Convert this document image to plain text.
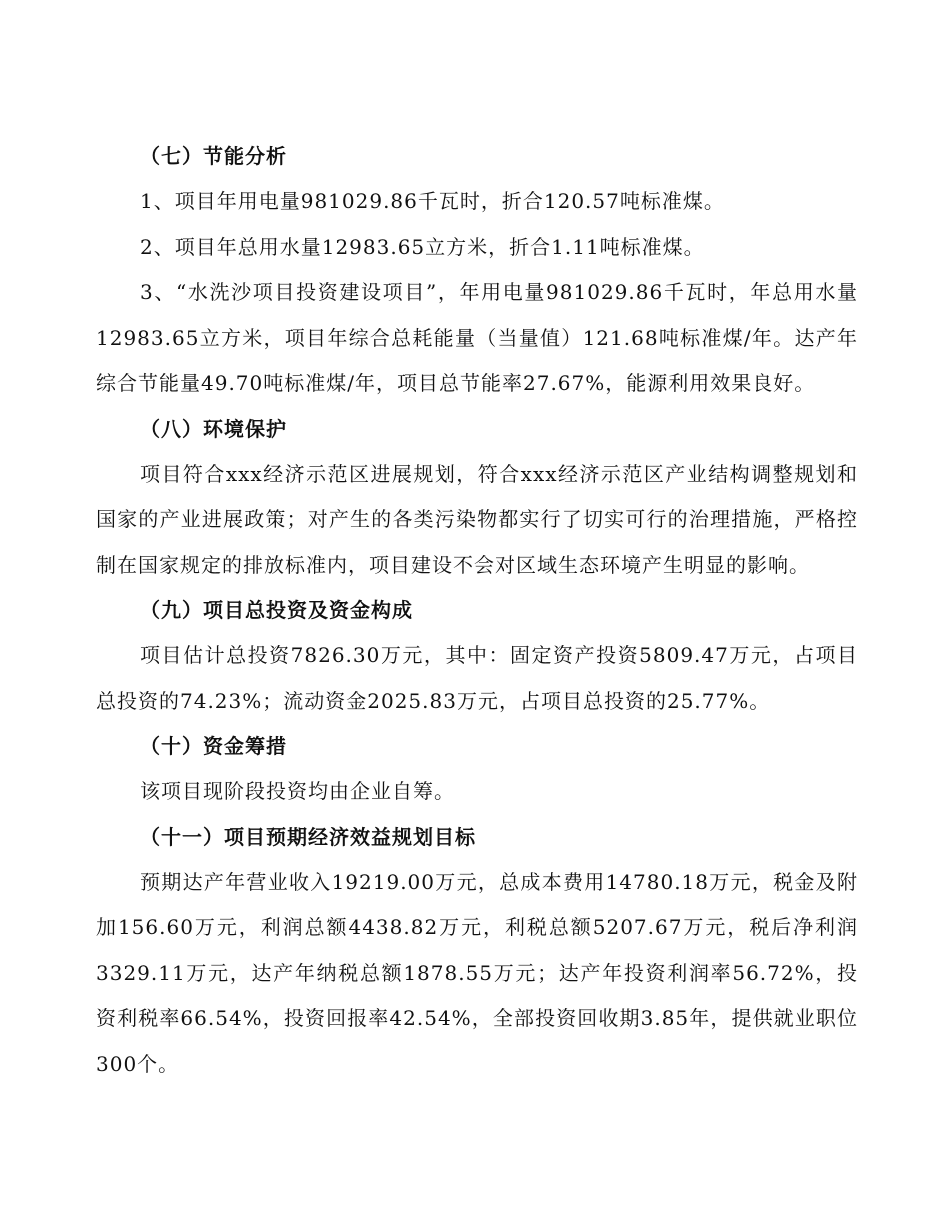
（七）节能分析

1、项目年用电量981029.86千瓦时，折合120.57吨标准煤。

2、项目年总用水量12983.65立方米，折合1.11吨标准煤。

3、“水洗沙项目投资建设项目”，年用电量981029.86千瓦时，年总用水量12983.65立方米，项目年综合总耗能量（当量值）121.68吨标准煤/年。达产年综合节能量49.70吨标准煤/年，项目总节能率27.67%，能源利用效果良好。

（八）环境保护

项目符合xxx经济示范区进展规划，符合xxx经济示范区产业结构调整规划和国家的产业进展政策；对产生的各类污染物都实行了切实可行的治理措施，严格控制在国家规定的排放标准内，项目建设不会对区域生态环境产生明显的影响。

（九）项目总投资及资金构成

项目估计总投资7826.30万元，其中：固定资产投资5809.47万元，占项目总投资的74.23%；流动资金2025.83万元，占项目总投资的25.77%。

（十）资金筹措

该项目现阶段投资均由企业自筹。

（十一）项目预期经济效益规划目标

预期达产年营业收入19219.00万元，总成本费用14780.18万元，税金及附加156.60万元，利润总额4438.82万元，利税总额5207.67万元，税后净利润3329.11万元，达产年纳税总额1878.55万元；达产年投资利润率56.72%，投资利税率66.54%，投资回报率42.54%，全部投资回收期3.85年，提供就业职位300个。
